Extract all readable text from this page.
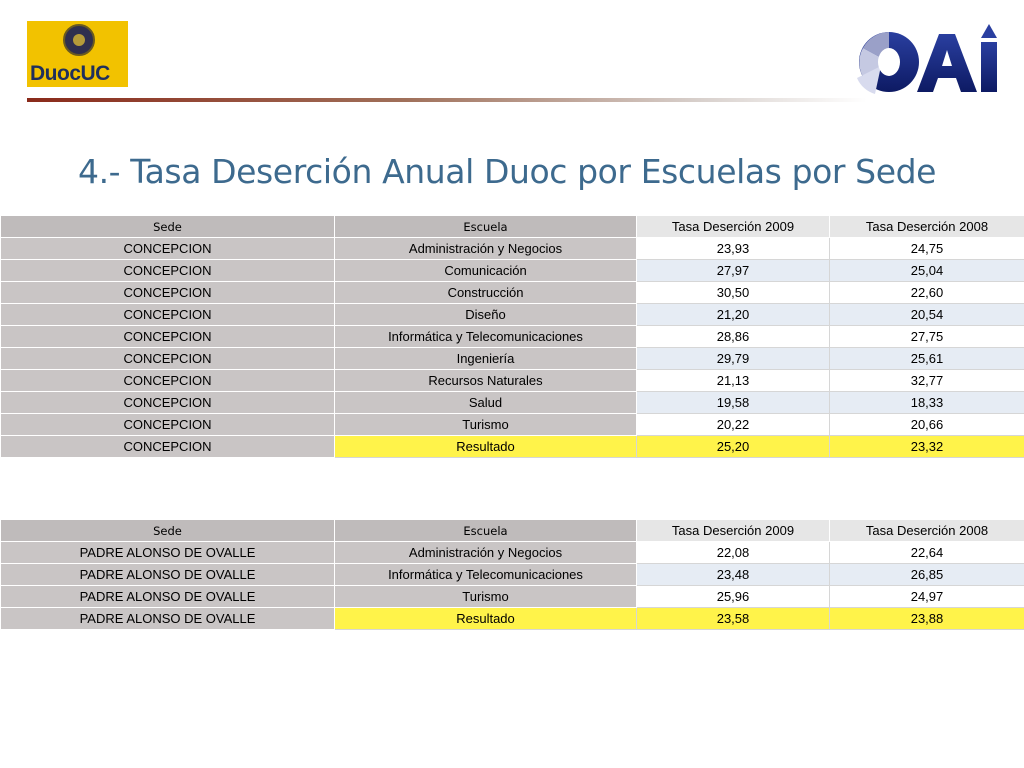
DuocUC
4.- Tasa Deserción Anual Duoc por Escuelas por Sede
Sede	Escuela	Tasa Deserción 2009	Tasa Deserción 2008
CONCEPCION	Administración y Negocios	23,93	24,75
CONCEPCION	Comunicación	27,97	25,04
CONCEPCION	Construcción	30,50	22,60
CONCEPCION	Diseño	21,20	20,54
CONCEPCION	Informática y Telecomunicaciones	28,86	27,75
CONCEPCION	Ingeniería	29,79	25,61
CONCEPCION	Recursos Naturales	21,13	32,77
CONCEPCION	Salud	19,58	18,33
CONCEPCION	Turismo	20,22	20,66
CONCEPCION	Resultado	25,20	23,32
Sede	Escuela	Tasa Deserción 2009	Tasa Deserción 2008
PADRE ALONSO DE OVALLE	Administración y Negocios	22,08	22,64
PADRE ALONSO DE OVALLE	Informática y Telecomunicaciones	23,48	26,85
PADRE ALONSO DE OVALLE	Turismo	25,96	24,97
PADRE ALONSO DE OVALLE	Resultado	23,58	23,88
